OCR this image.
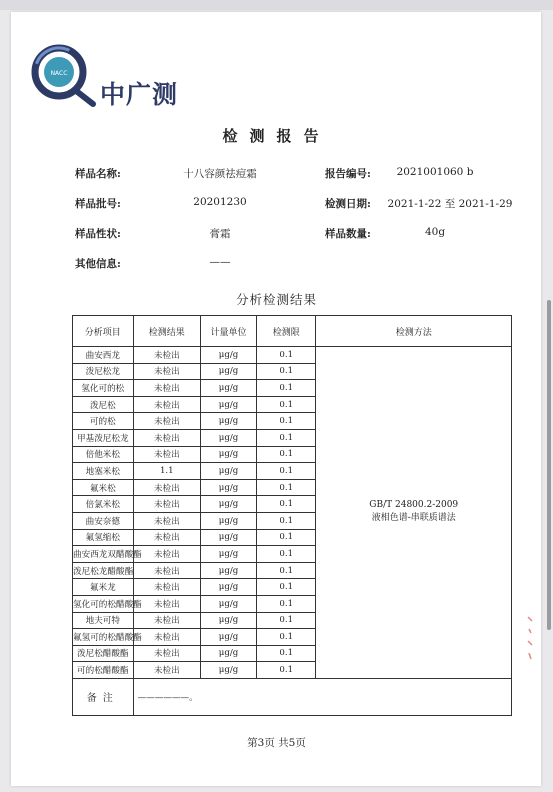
NACC
中广测
检测报告
样品名称:	十八容颜祛痘霜	报告编号:	2021001060 b
样品批号:	20201230	检测日期: 2021-1-22 至 2021-1-29
样品性状:	膏霜	样品数量:	40g
其他信息:	——
分析检测结果
分析项目	检测结果	计量单位	检测限	检测方法
曲安西龙	未检出	μg/g	0.1	GB/T 24800.2-2009
液相色谱-串联质谱法

泼尼松龙	未检出	μg/g	0.1	
氢化可的松	未检出	μg/g	0.1	
泼尼松	未检出	μg/g	0.1	
可的松	未检出	μg/g	0.1	
甲基泼尼松龙	未检出	μg/g	0.1	
倍他米松	未检出	μg/g	0.1	
地塞米松	1.1	μg/g	0.1	
氟米松	未检出	μg/g	0.1	
倍氯米松	未检出	μg/g	0.1	
曲安奈德	未检出	μg/g	0.1	
氟氢缩松	未检出	μg/g	0.1	
曲安西龙双醋酸酯	未检出	μg/g	0.1	
泼尼松龙醋酸酯	未检出	μg/g	0.1	
氟米龙	未检出	μg/g	0.1	
氢化可的松醋酸酯	未检出	μg/g	0.1	
地夫可特	未检出	μg/g	0.1	
氟氢可的松醋酸酯	未检出	μg/g	0.1	
泼尼松醋酸酯	未检出	μg/g	0.1	
可的松醋酸酯	未检出	μg/g	0.1	
备注	——————。			
第3页 共5页
